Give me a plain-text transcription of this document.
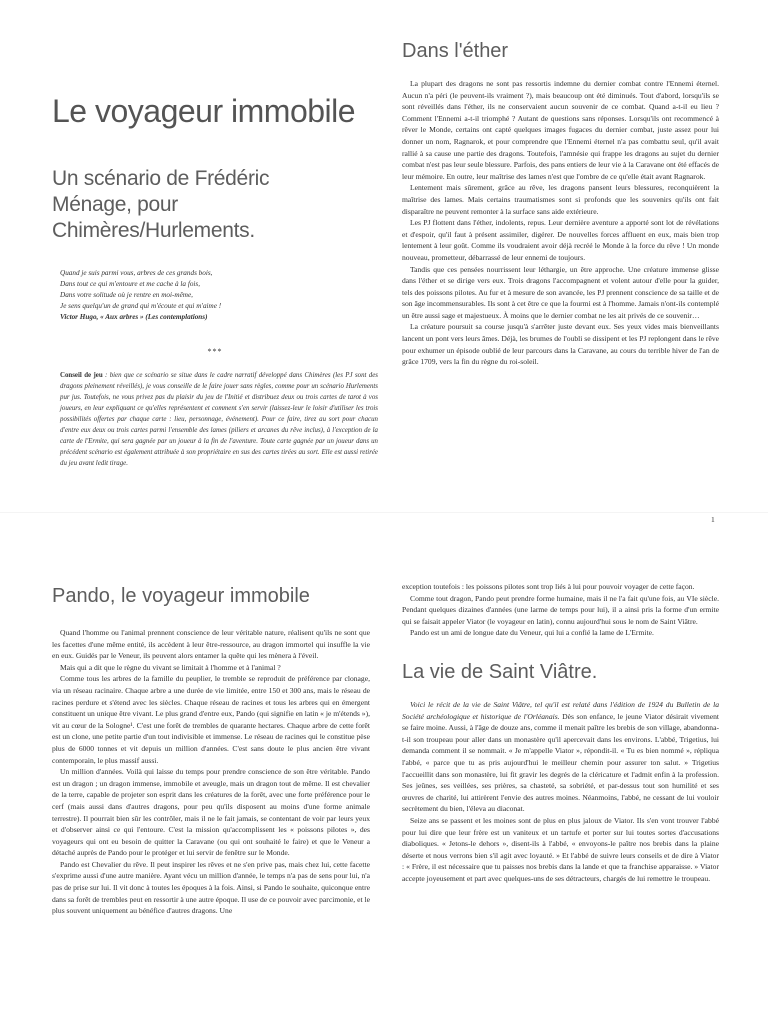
Le voyageur immobile
Un scénario de Frédéric Ménage, pour Chimères/Hurlements.

Quand je suis parmi vous, arbres de ces grands bois,

Dans tout ce qui m'entoure et me cache à la fois,

Dans votre solitude où je rentre en moi-même,

Je sens quelqu'un de grand qui m'écoute et qui m'aime !

Victor Hugo, « Aux arbres » (Les contemplations)

***
Conseil de jeu : bien que ce scénario se situe dans le cadre narratif développé dans Chimères (les PJ sont des dragons pleinement réveillés), je vous conseille de le faire jouer sans règles, comme pour un scénario Hurlements pur jus. Toutefois, ne vous privez pas du plaisir du jeu de l'Initié et distribuez deux ou trois cartes de tarot à vos joueurs, en leur expliquant ce qu'elles représentent et comment s'en servir (laissez-leur le loisir d'utiliser les trois possibilités offertes par chaque carte : lieu, personnage, événement). Pour ce faire, tirez au sort pour chacun d'entre eux deux ou trois cartes parmi l'ensemble des lames (piliers et arcanes du rêve inclus), à l'exception de la carte de l'Ermite, qui sera gagnée par un joueur à la fin de l'aventure. Toute carte gagnée par un joueur dans un précédent scénario est également attribuée à son propriétaire en sus des cartes tirées au sort. Elle est aussi retirée du jeu avant ledit tirage.
Dans l'éther

La plupart des dragons ne sont pas ressortis indemne du dernier combat contre l'Ennemi éternel. Aucun n'a péri (le peuvent-ils vraiment ?), mais beaucoup ont été diminués. Tout d'abord, lorsqu'ils se sont réveillés dans l'éther, ils ne conservaient aucun souvenir de ce combat. Quand a-t-il eu lieu ? Comment l'Ennemi a-t-il triomphé ? Autant de questions sans réponses. Lorsqu'ils ont recommencé à rêver le Monde, certains ont capté quelques images fugaces du dernier combat, juste assez pour lui donner un nom, Ragnarok, et pour comprendre que l'Ennemi éternel n'a pas combattu seul, qu'il avait rallié à sa cause une partie des dragons. Toutefois, l'amnésie qui frappe les dragons au sujet du dernier combat n'est pas leur seule blessure. Parfois, des pans entiers de leur vie à la Caravane ont été effacés de leur mémoire. En outre, leur maîtrise des lames n'est que l'ombre de ce qu'elle était avant Ragnarok.

Lentement mais sûrement, grâce au rêve, les dragons pansent leurs blessures, reconquièrent la maîtrise des lames. Mais certains traumatismes sont si profonds que les souvenirs qu'ils ont fait disparaître ne peuvent remonter à la surface sans aide extérieure.

Les PJ flottent dans l'éther, indolents, repus. Leur dernière aventure a apporté sont lot de révélations et d'espoir, qu'il faut à présent assimiler, digérer. De nouvelles forces affluent en eux, mais bien trop lentement à leur goût. Comme ils voudraient avoir déjà recréé le Monde à la force du rêve ! Un monde nouveau, prometteur, débarrassé de leur ennemi de toujours.

Tandis que ces pensées nourrissent leur léthargie, un être approche. Une créature immense glisse dans l'éther et se dirige vers eux. Trois dragons l'accompagnent et volent autour d'elle pour la guider, tels des poissons pilotes. Au fur et à mesure de son avancée, les PJ prennent conscience de sa taille et de son âge incommensurables. Ils sont à cet être ce que la fourmi est à l'homme. Jamais n'ont-ils contemplé un être aussi sage et majestueux. À moins que le dernier combat ne les ait privés de ce souvenir…

La créature poursuit sa course jusqu'à s'arrêter juste devant eux. Ses yeux vides mais bienveillants lancent un pont vers leurs âmes. Déjà, les brumes de l'oubli se dissipent et les PJ replongent dans le rêve pour exhumer un épisode oublié de leur parcours dans la Caravane, au cours du terrible hiver de l'an de grâce 1709, vers la fin du règne du roi-soleil.

1
Pando, le voyageur immobile

Quand l'homme ou l'animal prennent conscience de leur véritable nature, réalisent qu'ils ne sont que les facettes d'une même entité, ils accèdent à leur être-ressource, au dragon immortel qui insuffle la vie en eux. Guidés par le Veneur, ils peuvent alors entamer la quête qui les mènera à l'éveil.

Mais qui a dit que le règne du vivant se limitait à l'homme et à l'animal ?

Comme tous les arbres de la famille du peuplier, le tremble se reproduit de préférence par clonage, via un réseau racinaire. Chaque arbre a une durée de vie limitée, entre 150 et 300 ans, mais le réseau de racines perdure et s'étend avec les siècles. Chaque réseau de racines et tous les arbres qui en émergent constituent un unique être vivant. Le plus grand d'entre eux, Pando (qui signifie en latin « je m'étends »), vit au cœur de la Sologne¹. C'est une forêt de trembles de quarante hectares. Chaque arbre de cette forêt est un clone, une petite partie d'un tout indivisible et immense. Le réseau de racines qui le constitue pèse plus de 6000 tonnes et vit depuis un million d'années. C'est sans doute le plus ancien être vivant contemporain, le plus massif aussi.

Un million d'années. Voilà qui laisse du temps pour prendre conscience de son être véritable. Pando est un dragon ; un dragon immense, immobile et aveugle, mais un dragon tout de même. Il est chevalier de la terre, capable de projeter son esprit dans les créatures de la forêt, avec une forte préférence pour le cerf (mais aussi dans d'autres dragons, pour peu qu'ils disposent au moins d'une forme animale terrestre). Il pourrait bien sûr les contrôler, mais il ne le fait jamais, se contentant de voir par leurs yeux et d'observer ainsi ce qui l'entoure. C'est la mission qu'accomplissent les « poissons pilotes », des voyageurs qui ont eu besoin de quitter la Caravane (ou qui ont souhaité le faire) et que le Veneur a détaché auprès de Pando pour le protéger et lui servir de fenêtre sur le Monde.

Pando est Chevalier du rêve. Il peut inspirer les rêves et ne s'en prive pas, mais chez lui, cette facette s'exprime aussi d'une autre manière. Ayant vécu un million d'année, le temps n'a pas de sens pour lui, n'a pas de prise sur lui. Il vit donc à toutes les époques à la fois. Ainsi, si Pando le souhaite, quiconque entre dans sa forêt de trembles peut en ressortir à une autre époque. Il use de ce pouvoir avec parcimonie, et le plus souvent uniquement au bénéfice d'autres dragons. Une

exception toutefois : les poissons pilotes sont trop liés à lui pour pouvoir voyager de cette façon.

Comme tout dragon, Pando peut prendre forme humaine, mais il ne l'a fait qu'une fois, au VIe siècle. Pendant quelques dizaines d'années (une larme de temps pour lui), il a ainsi pris la forme d'un ermite qui se faisait appeler Viator (le voyageur en latin), connu aujourd'hui sous le nom de Saint Viâtre.

Pando est un ami de longue date du Veneur, qui lui a confié la lame de L'Ermite.

La vie de Saint Viâtre.

Voici le récit de la vie de Saint Viâtre, tel qu'il est relaté dans l'édition de 1924 du Bulletin de la Société archéologique et historique de l'Orléanais. Dès son enfance, le jeune Viator désirait vivement se faire moine. Aussi, à l'âge de douze ans, comme il menait paître les brebis de son village, abandonna-t-il son troupeau pour aller dans un monastère qu'il apercevait dans les environs. L'abbé, Trigetius, lui demanda comment il se nommait. « Je m'appelle Viator », répondit-il. « Tu es bien nommé », répliqua l'abbé, « parce que tu as pris aujourd'hui le meilleur chemin pour assurer ton salut. » Trigetius l'accueillit dans son monastère, lui fit gravir les degrés de la cléricature et l'admit enfin à la profession. Ses jeûnes, ses veillées, ses prières, sa chasteté, sa sobriété, et par-dessus tout son humilité et ses œuvres de charité, lui attirèrent l'envie des autres moines. Néanmoins, l'abbé, ne cessant de lui vouloir secrètement du bien, l'éleva au diaconat.

Seize ans se passent et les moines sont de plus en plus jaloux de Viator. Ils s'en vont trouver l'abbé pour lui dire que leur frère est un vaniteux et un tartufe et porter sur lui toutes sortes d'accusations diaboliques. « Jetons-le dehors », disent-ils à l'abbé, « envoyons-le paître nos brebis dans la plaine déserte et nous verrons bien s'il agit avec loyauté. » Et l'abbé de suivre leurs conseils et de dire à Viator : « Frère, il est nécessaire que tu paisses nos brebis dans la lande et que ta franchise apparaisse. » Viator accepte joyeusement et part avec quelques-uns de ses détracteurs, chargés de lui remettre le troupeau.
